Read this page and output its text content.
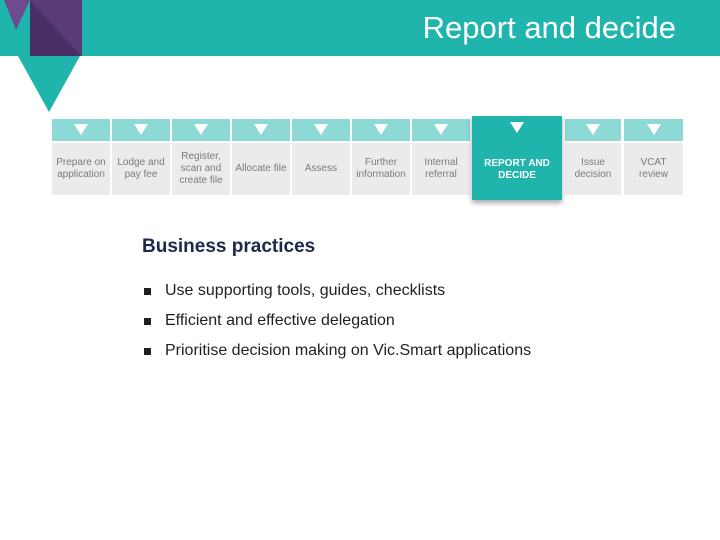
Report and decide
Prepare on application
Lodge and pay fee
Register, scan and create file
Allocate file Assess
Further information
Internal referral
REPORT AND DECIDE
Issue decision
VCAT review
Business practices
Use supporting tools, guides, checklists
Efficient and effective delegation
Prioritise decision making on Vic.Smart applications
